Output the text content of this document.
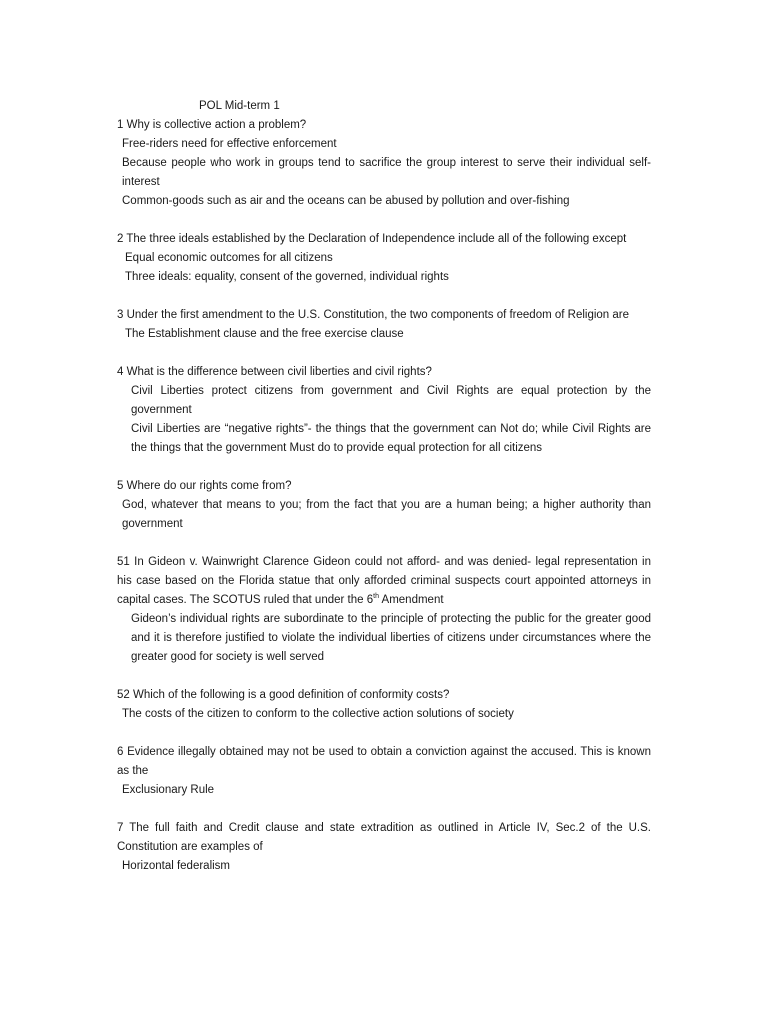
POL Mid-term 1
1 Why is collective action a problem?
Free-riders need for effective enforcement
Because people who work in groups tend to sacrifice the group interest to serve their individual self-interest
Common-goods such as air and the oceans can be abused by pollution and over-fishing
2 The three ideals established by the Declaration of Independence include all of the following except
Equal economic outcomes for all citizens
Three ideals: equality, consent of the governed, individual rights
3 Under the first amendment to the U.S. Constitution, the two components of freedom of Religion are
The Establishment clause and the free exercise clause
4 What is the difference between civil liberties and civil rights?
Civil Liberties protect citizens from government and Civil Rights are equal protection by the government
Civil Liberties are “negative rights”- the things that the government can Not do; while Civil Rights are the things that the government Must do to provide equal protection for all citizens
5 Where do our rights come from?
God, whatever that means to you; from the fact that you are a human being; a higher authority than government
51 In Gideon v. Wainwright Clarence Gideon could not afford- and was denied- legal representation in his case based on the Florida statue that only afforded criminal suspects court appointed attorneys in capital cases. The SCOTUS ruled that under the 6th Amendment
Gideon’s individual rights are subordinate to the principle of protecting the public for the greater good and it is therefore justified to violate the individual liberties of citizens under circumstances where the greater good for society is well served
52 Which of the following is a good definition of conformity costs?
The costs of the citizen to conform to the collective action solutions of society
6 Evidence illegally obtained may not be used to obtain a conviction against the accused. This is known as the
Exclusionary Rule
7 The full faith and Credit clause and state extradition as outlined in Article IV, Sec.2 of the U.S. Constitution are examples of
Horizontal federalism
